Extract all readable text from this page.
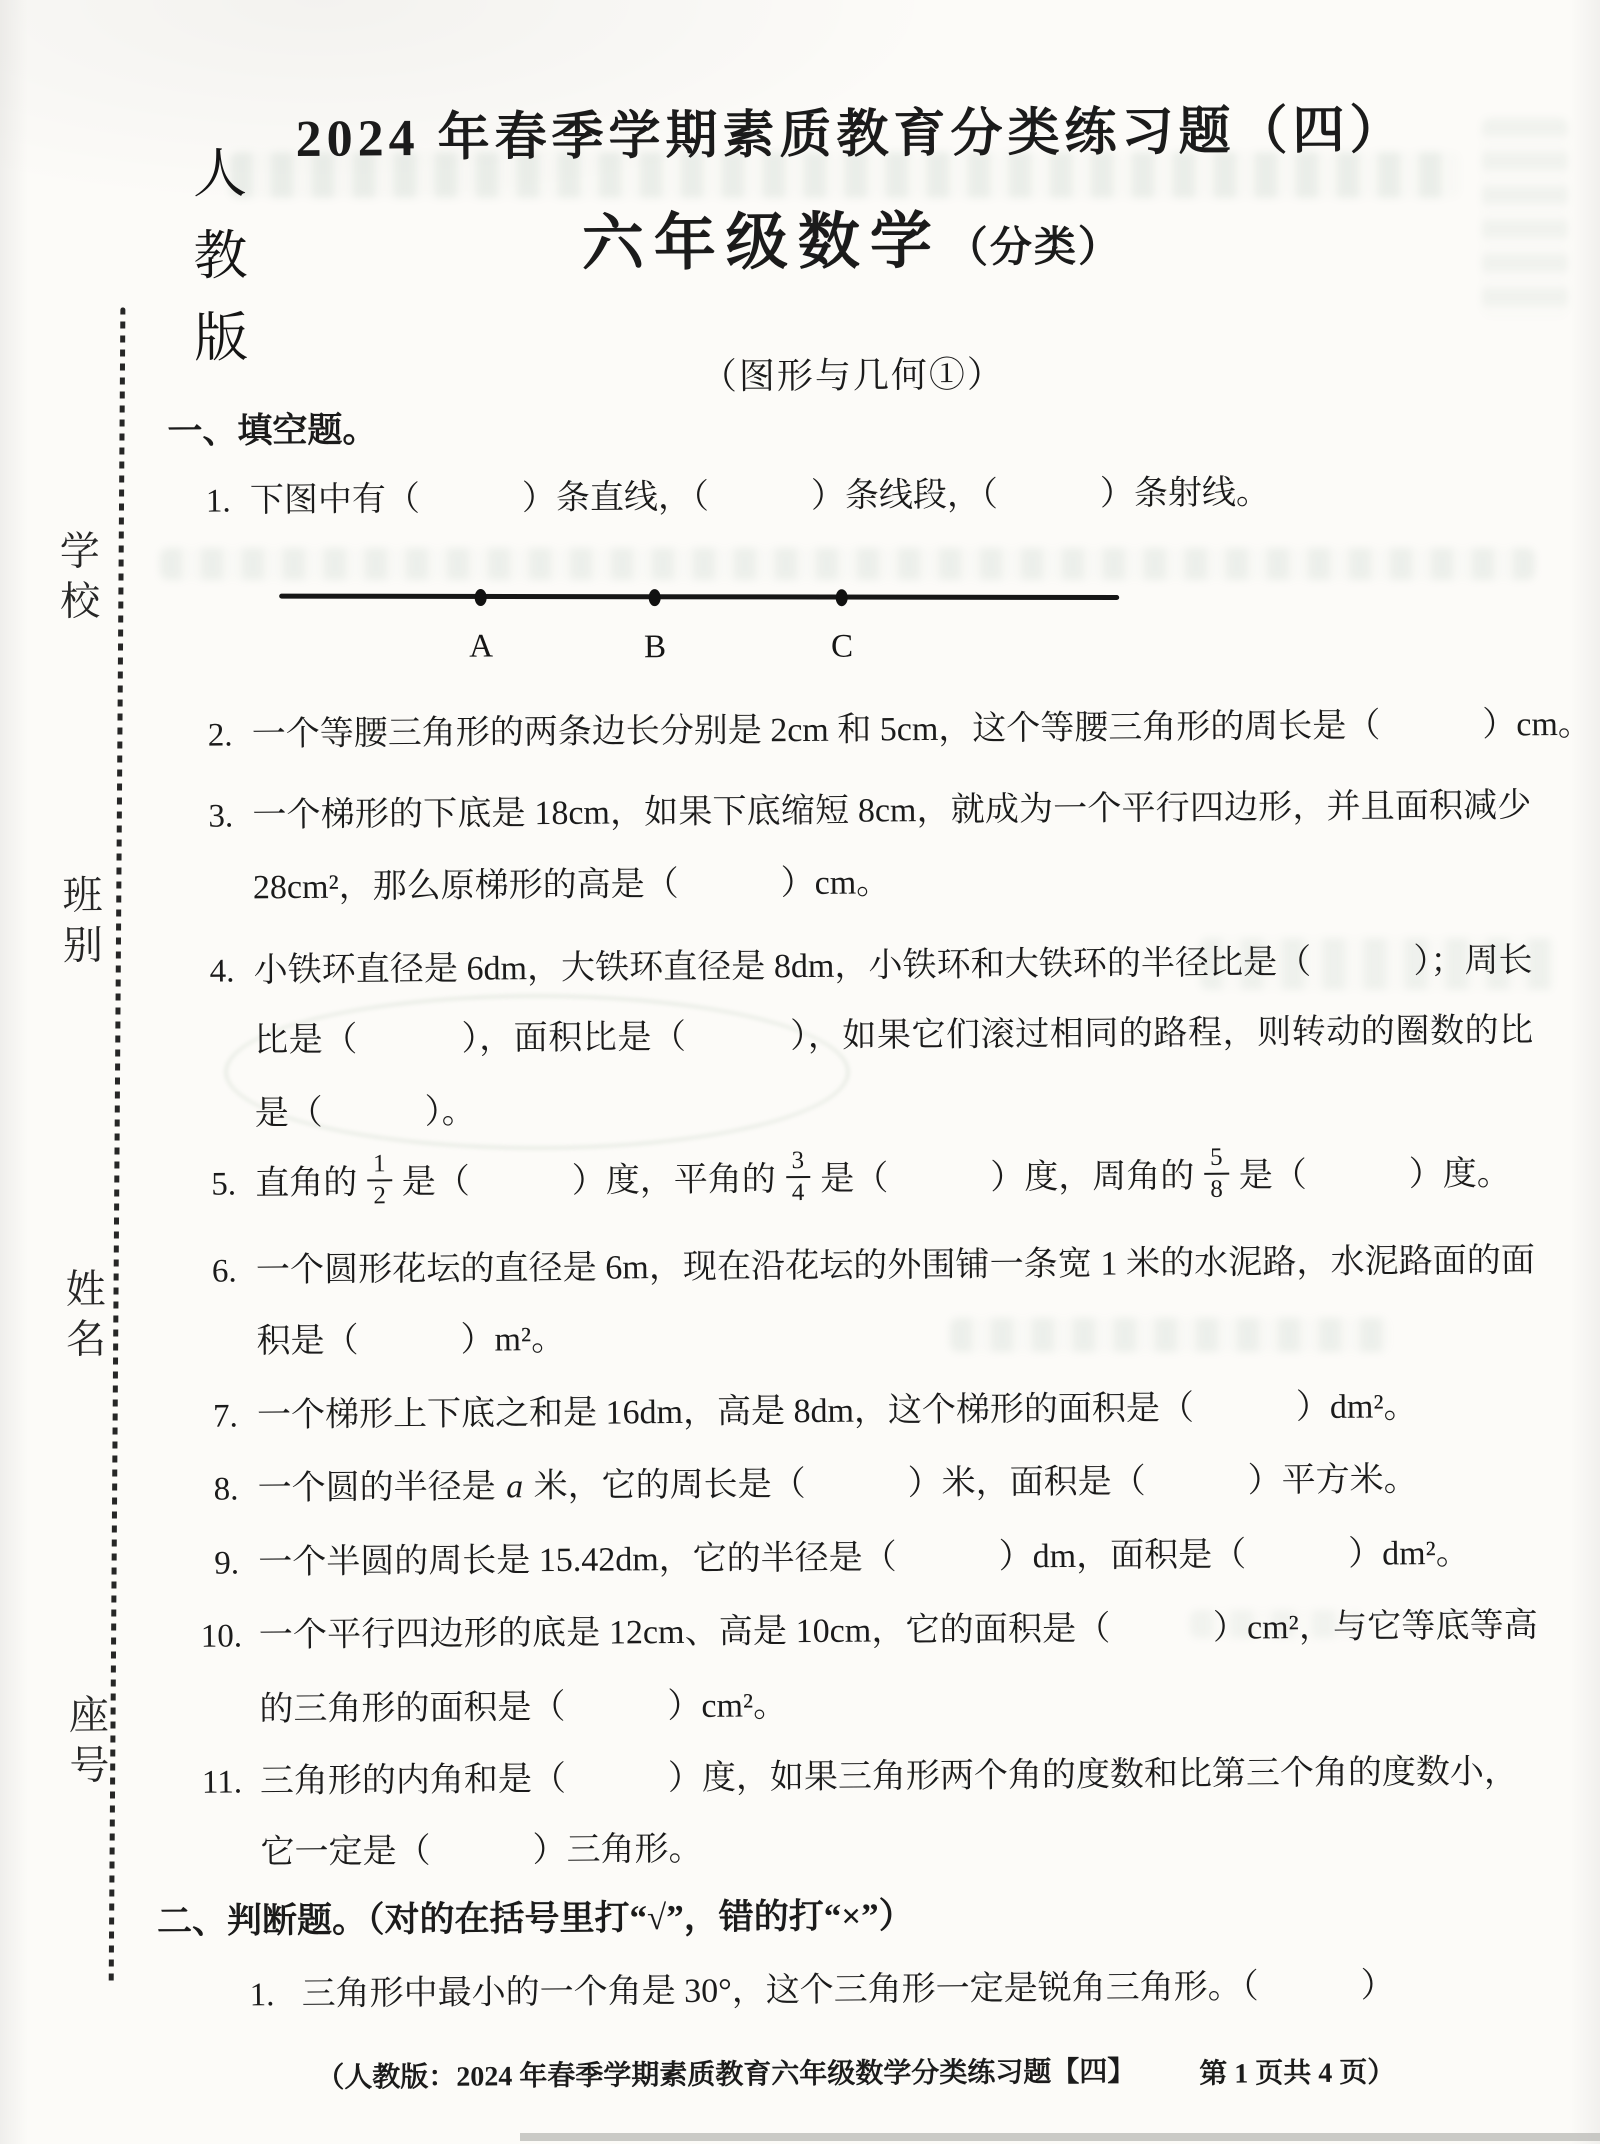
人教版
学校
班别
姓名
座号
2024 年春季学期素质教育分类练习题（四）
六年级数学 （分类）
（图形与几何①）
一、填空题。
1. 下图中有（　　　）条直线，（　　　）条线段，（　　　）条射线。
A	B	C
2. 一个等腰三角形的两条边长分别是 2cm 和 5cm，这个等腰三角形的周长是（　　　）cm。
3. 一个梯形的下底是 18cm，如果下底缩短 8cm，就成为一个平行四边形，并且面积减少
28cm²，那么原梯形的高是（　　　）cm。
4. 小铁环直径是 6dm，大铁环直径是 8dm，小铁环和大铁环的半径比是（　　　）；周长
比是（　　　），面积比是（　　　），如果它们滚过相同的路程，则转动的圈数的比
是（　　　）。
5. 直角的 $\frac{1}{2}$ 是（　　　）度，平角的 $\frac{3}{4}$ 是（　　　）度，周角的 $\frac{5}{8}$ 是（　　　）度。
6. 一个圆形花坛的直径是 6m，现在沿花坛的外围铺一条宽 1 米的水泥路，水泥路面的面
积是（　　　）m²。
7. 一个梯形上下底之和是 16dm，高是 8dm，这个梯形的面积是（　　　）dm²。
8. 一个圆的半径是 a 米，它的周长是（　　　）米，面积是（　　　）平方米。
9. 一个半圆的周长是 15.42dm，它的半径是（　　　）dm，面积是（　　　）dm²。
10. 一个平行四边形的底是 12cm、高是 10cm，它的面积是（　　　）cm²，与它等底等高
的三角形的面积是（　　　）cm²。
11. 三角形的内角和是（　　　）度，如果三角形两个角的度数和比第三个角的度数小，
它一定是（　　　）三角形。
二、判断题。（对的在括号里打“√”，错的打“×”）
1. 三角形中最小的一个角是 30°，这个三角形一定是锐角三角形。（　　　）
（人教版：2024 年春季学期素质教育六年级数学分类练习题【四】 第 1 页共 4 页）
